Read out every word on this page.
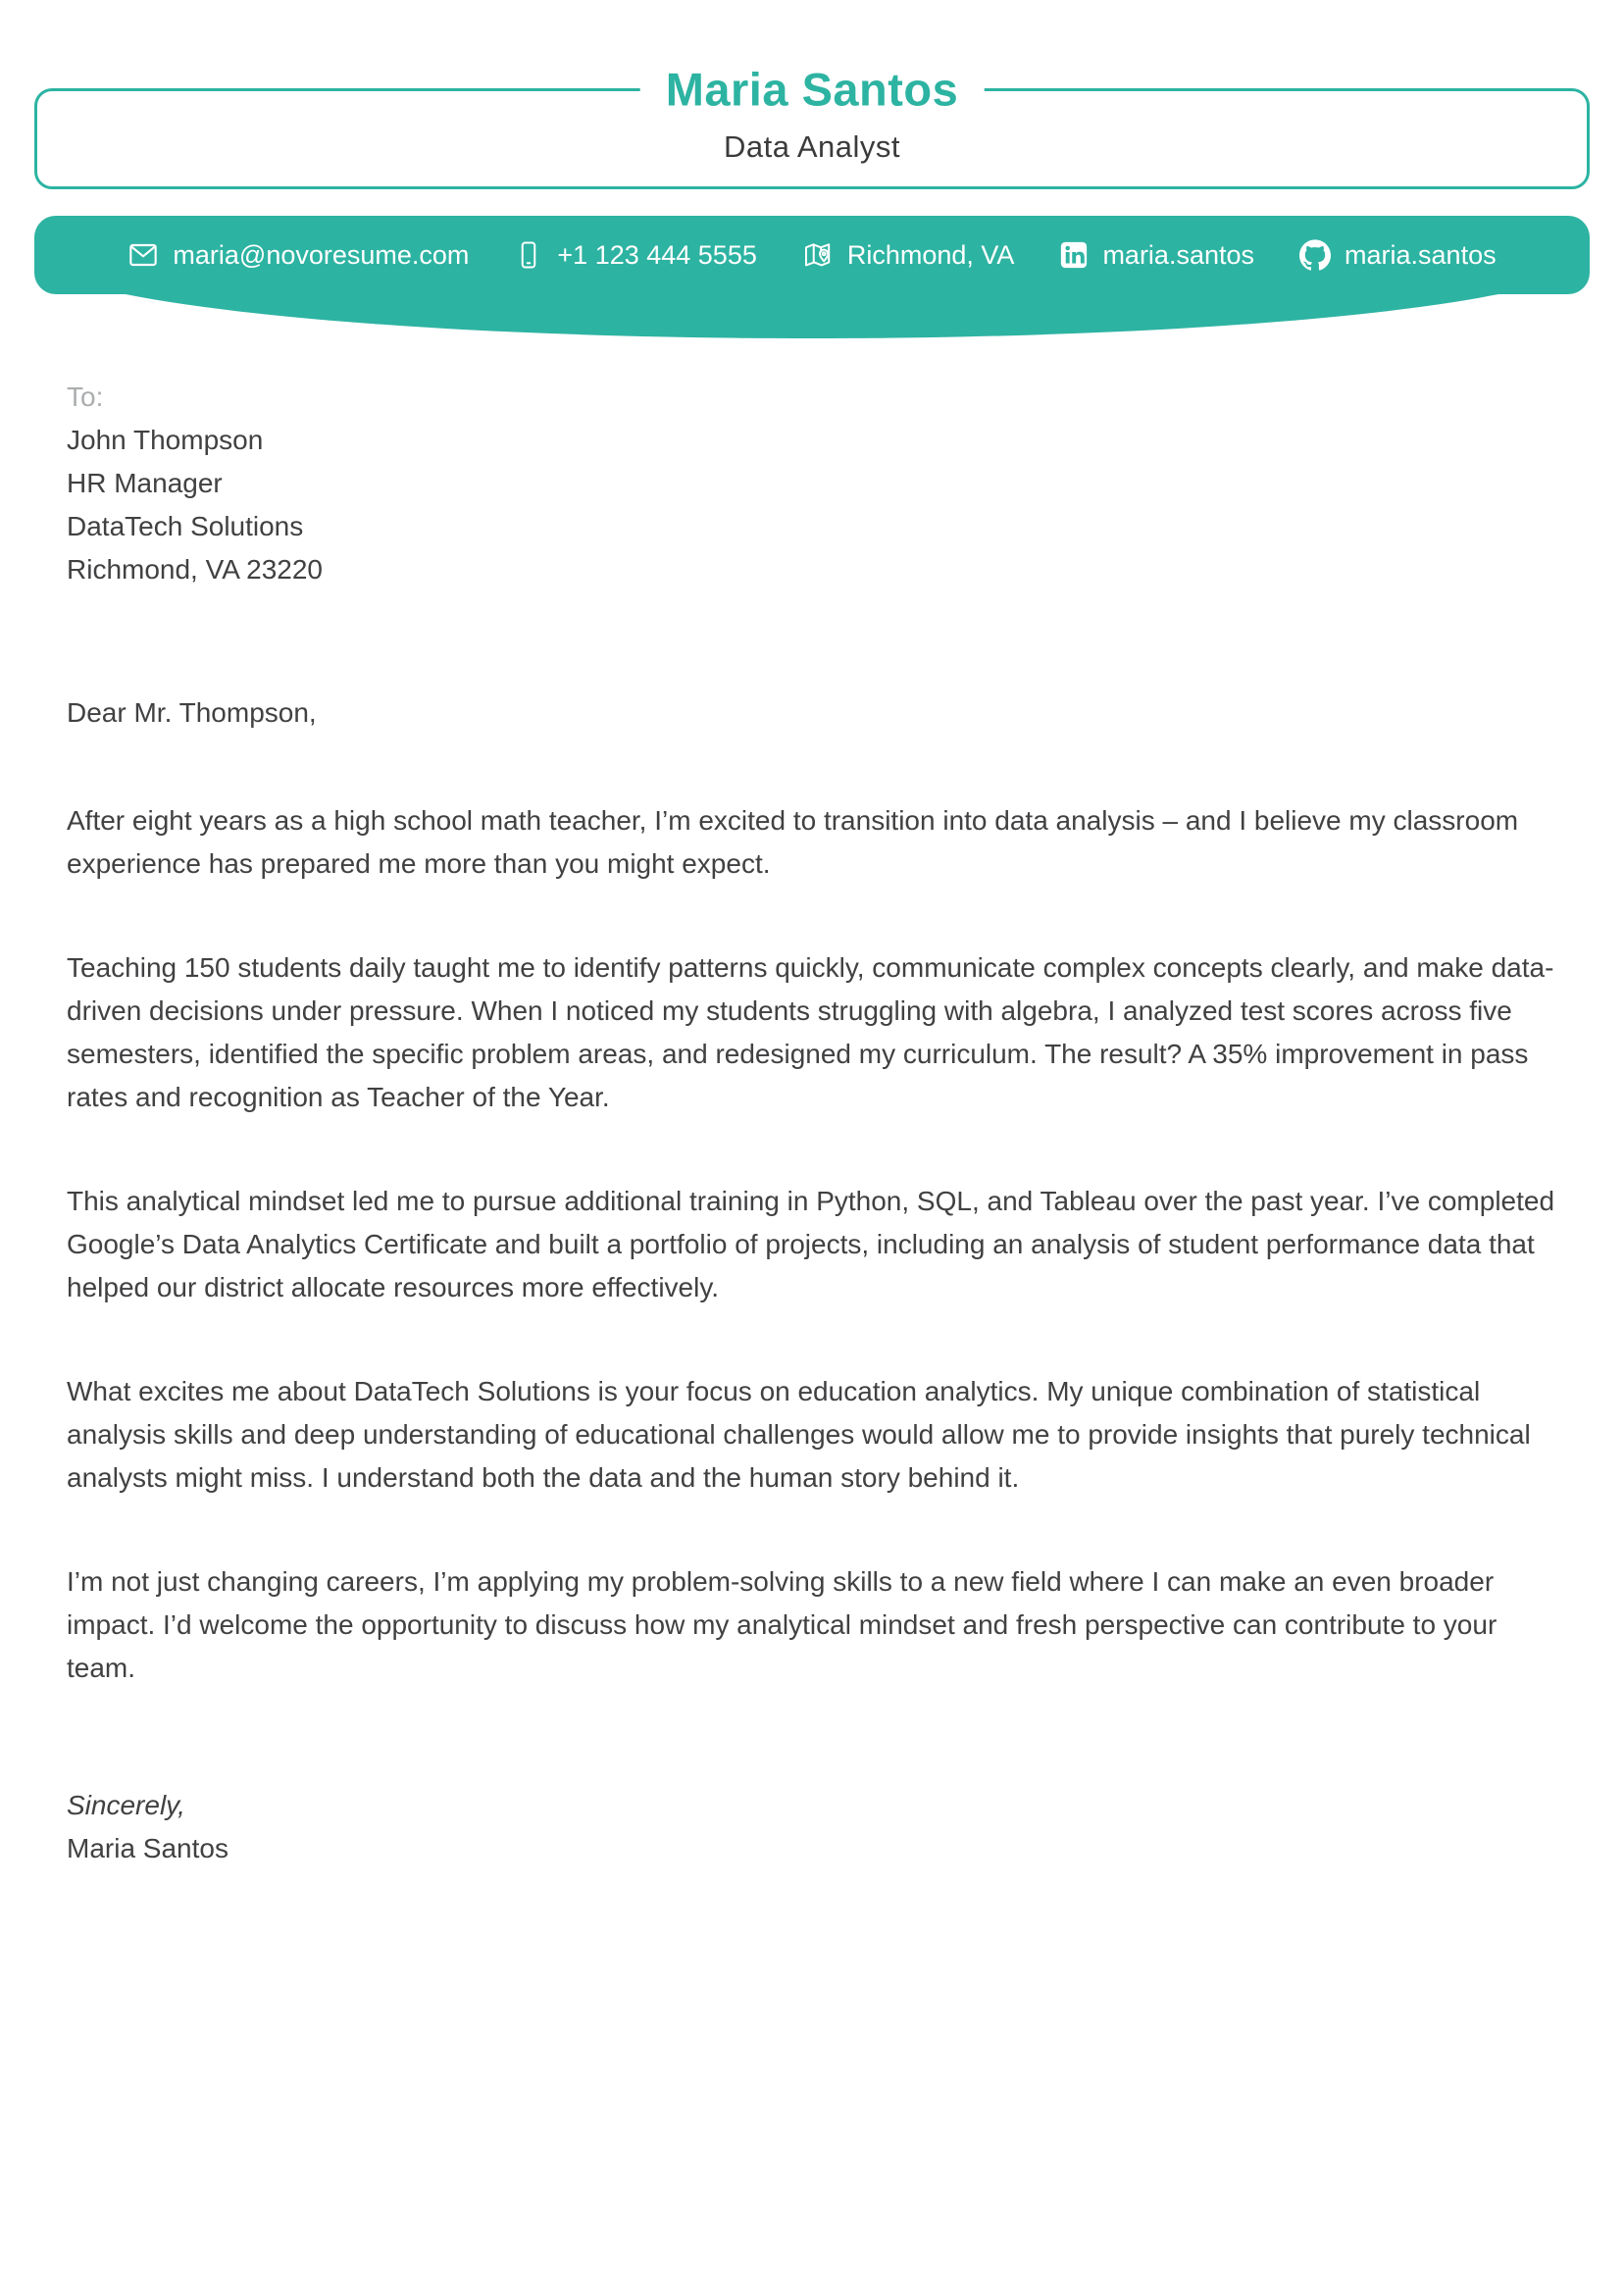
Maria Santos
Data Analyst
maria@novoresume.com	+1 123 444 5555	Richmond, VA	maria.santos	maria.santos
To:
John Thompson
HR Manager
DataTech Solutions
Richmond, VA 23220

Dear Mr. Thompson,

After eight years as a high school math teacher, I’m excited to transition into data analysis – and I believe my classroom experience has prepared me more than you might expect.

Teaching 150 students daily taught me to identify patterns quickly, communicate complex concepts clearly, and make data-driven decisions under pressure. When I noticed my students struggling with algebra, I analyzed test scores across five semesters, identified the specific problem areas, and redesigned my curriculum. The result? A 35% improvement in pass rates and recognition as Teacher of the Year.

This analytical mindset led me to pursue additional training in Python, SQL, and Tableau over the past year. I’ve completed Google’s Data Analytics Certificate and built a portfolio of projects, including an analysis of student performance data that helped our district allocate resources more effectively.

What excites me about DataTech Solutions is your focus on education analytics. My unique combination of statistical analysis skills and deep understanding of educational challenges would allow me to provide insights that purely technical analysts might miss. I understand both the data and the human story behind it.

I’m not just changing careers, I’m applying my problem-solving skills to a new field where I can make an even broader impact. I’d welcome the opportunity to discuss how my analytical mindset and fresh perspective can contribute to your team.

Sincerely,
Maria Santos
